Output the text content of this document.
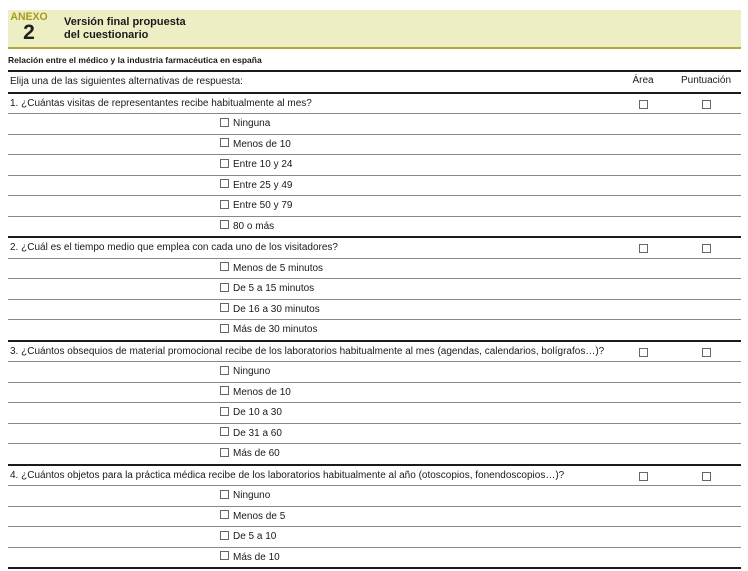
ANEXO
2	Versión final propuesta
del cuestionario
Relación entre el médico y la industria farmacéutica en españa
Elija una de las siguientes alternativas de respuesta:	Área	Puntuación
1. ¿Cuántas visitas de representantes recibe habitualmente al mes?
Ninguna
Menos de 10
Entre 10 y 24
Entre 25 y 49
Entre 50 y 79
80 o más
2. ¿Cuál es el tiempo medio que emplea con cada uno de los visitadores?
Menos de 5 minutos
De 5 a 15 minutos
De 16 a 30 minutos
Más de 30 minutos
3. ¿Cuántos obsequios de material promocional recibe de los laboratorios habitualmente al mes (agendas, calendarios, bolígrafos…)?
Ninguno
Menos de 10
De 10 a 30
De 31 a 60
Más de 60
4. ¿Cuántos objetos para la práctica médica recibe de los laboratorios habitualmente al año (otoscopios, fonendoscopios…)?
Ninguno
Menos de 5
De 5 a 10
Más de 10
